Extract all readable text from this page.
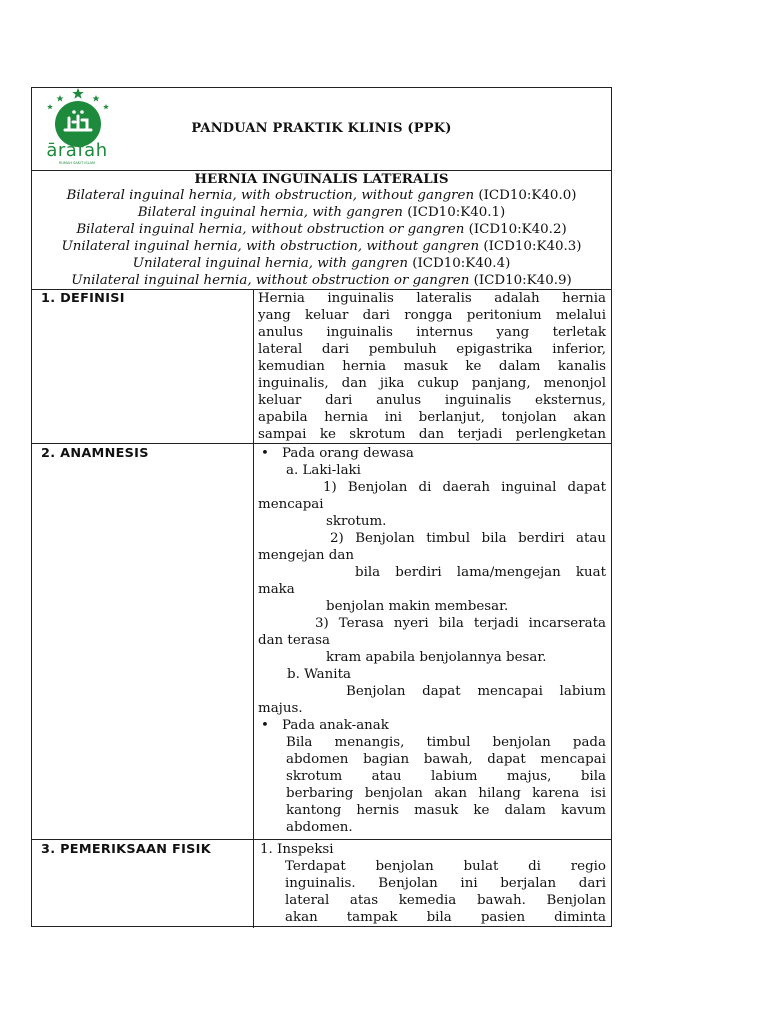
ārafah
RUMAH SAKIT ISLAM
PANDUAN PRAKTIK KLINIS (PPK)
HERNIA INGUINALIS LATERALIS
Bilateral inguinal hernia, with obstruction, without gangren (ICD10:K40.0)
Bilateral inguinal hernia, with gangren (ICD10:K40.1)
Bilateral inguinal hernia, without obstruction or gangren (ICD10:K40.2)
Unilateral inguinal hernia, with obstruction, without gangren (ICD10:K40.3)
Unilateral inguinal hernia, with gangren (ICD10:K40.4)
Unilateral inguinal hernia, without obstruction or gangren (ICD10:K40.9)
1. DEFINISI	Hernia inguinalis lateralis adalah hernia
yang keluar dari rongga peritonium melalui
anulus inguinalis internus yang terletak
lateral dari pembuluh epigastrika inferior,
kemudian hernia masuk ke dalam kanalis
inguinalis, dan jika cukup panjang, menonjol
keluar dari anulus inguinalis eksternus,
apabila hernia ini berlanjut, tonjolan akan
sampai ke skrotum dan terjadi perlengketan
2. ANAMNESIS	• Pada orang dewasa
a. Laki-laki
1) Benjolan di daerah inguinal dapat
mencapai
skrotum.
2) Benjolan timbul bila berdiri atau
mengejan dan
bila berdiri lama/mengejan kuat
maka
benjolan makin membesar.
3) Terasa nyeri bila terjadi incarserata
dan terasa
kram apabila benjolannya besar.
b. Wanita
Benjolan dapat mencapai labium
majus.
• Pada anak-anak
Bila menangis, timbul benjolan pada
abdomen bagian bawah, dapat mencapai
skrotum atau labium majus, bila
berbaring benjolan akan hilang karena isi
kantong hernis masuk ke dalam kavum
abdomen.
3. PEMERIKSAAN FISIK	1. Inspeksi
Terdapat benjolan bulat di regio
inguinalis. Benjolan ini berjalan dari
lateral atas kemedia bawah. Benjolan
akan tampak bila pasien diminta
